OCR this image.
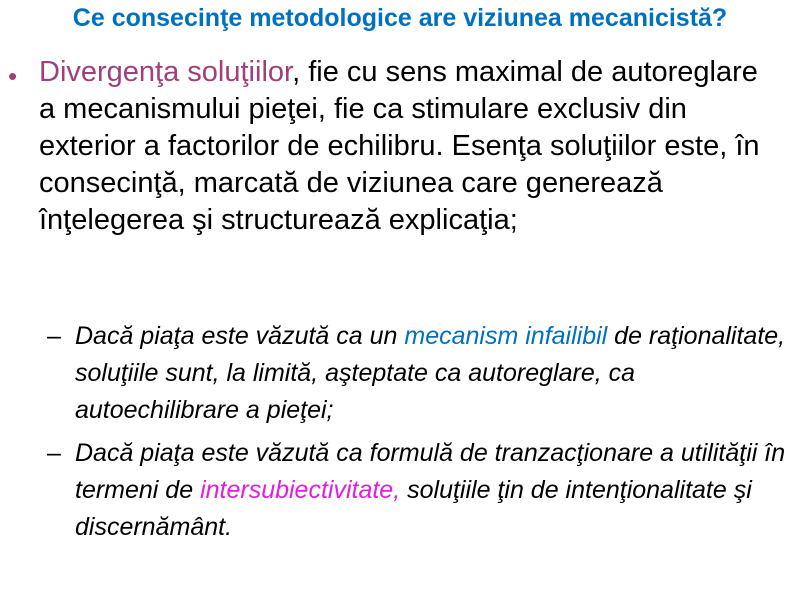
Ce consecinţe metodologice are viziunea mecanicistă?
• Divergenţa soluţiilor, fie cu sens maximal de autoreglare a mecanismului pieţei, fie ca stimulare exclusiv din exterior a factorilor de echilibru. Esenţa soluţiilor este, în consecinţă, marcată de viziunea care generează înţelegerea şi structurează explicaţia;
– Dacă piaţa este văzută ca un mecanism infailibil de raţionalitate, soluţiile sunt, la limită, aşteptate ca autoreglare, ca autoechilibrare a pieţei;
– Dacă piaţa este văzută ca formulă de tranzacţionare a utilităţii în termeni de intersubiectivitate, soluţiile ţin de intenţionalitate şi discernământ.
